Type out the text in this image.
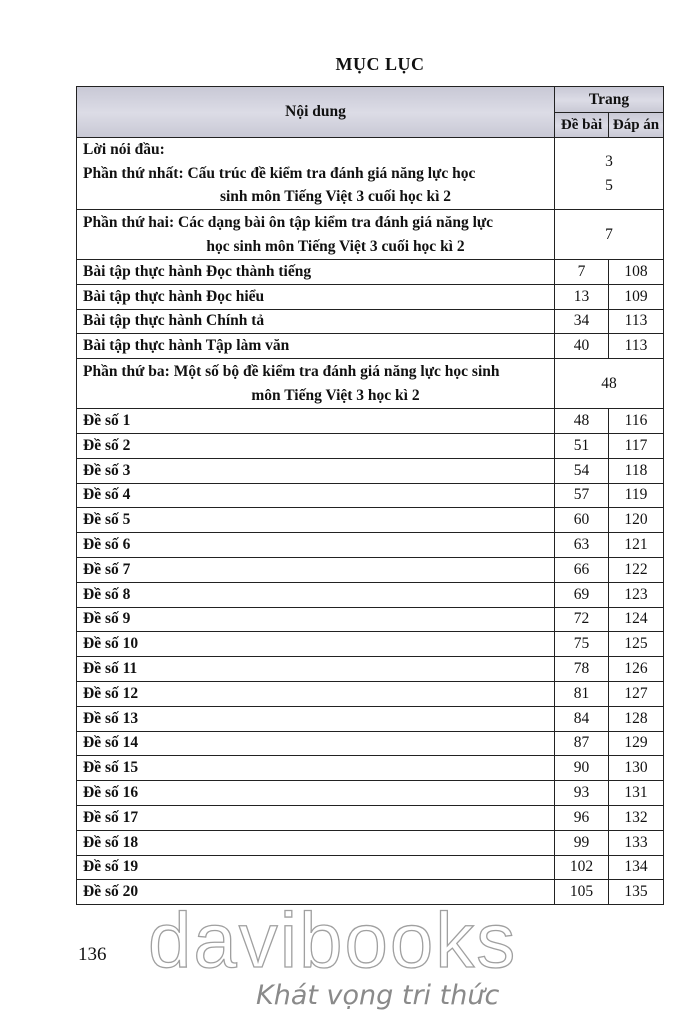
MỤC LỤC
Nội dung	Trang	
	Đề bài	Đáp án

Lời nói đầu:
Phần thứ nhất: Cấu trúc đề kiểm tra đánh giá năng lực học
sinh môn Tiếng Việt 3 cuối học kì 2	3
5	

Phần thứ hai: Các dạng bài ôn tập kiểm tra đánh giá năng lực
học sinh môn Tiếng Việt 3 cuối học kì 2	7	
Bài tập thực hành Đọc thành tiếng	7	108
Bài tập thực hành Đọc hiểu	13	109
Bài tập thực hành Chính tả	34	113
Bài tập thực hành Tập làm văn	40	113

Phần thứ ba: Một số bộ đề kiểm tra đánh giá năng lực học sinh
môn Tiếng Việt 3 học kì 2	48	
Đề số 1	48	116
Đề số 2	51	117
Đề số 3	54	118
Đề số 4	57	119
Đề số 5	60	120
Đề số 6	63	121
Đề số 7	66	122
Đề số 8	69	123
Đề số 9	72	124
Đề số 10	75	125
Đề số 11	78	126
Đề số 12	81	127
Đề số 13	84	128
Đề số 14	87	129
Đề số 15	90	130
Đề số 16	93	131
Đề số 17	96	132
Đề số 18	99	133
Đề số 19	102	134
Đề số 20	105	135
136 davibooks
Khát vọng tri thức
